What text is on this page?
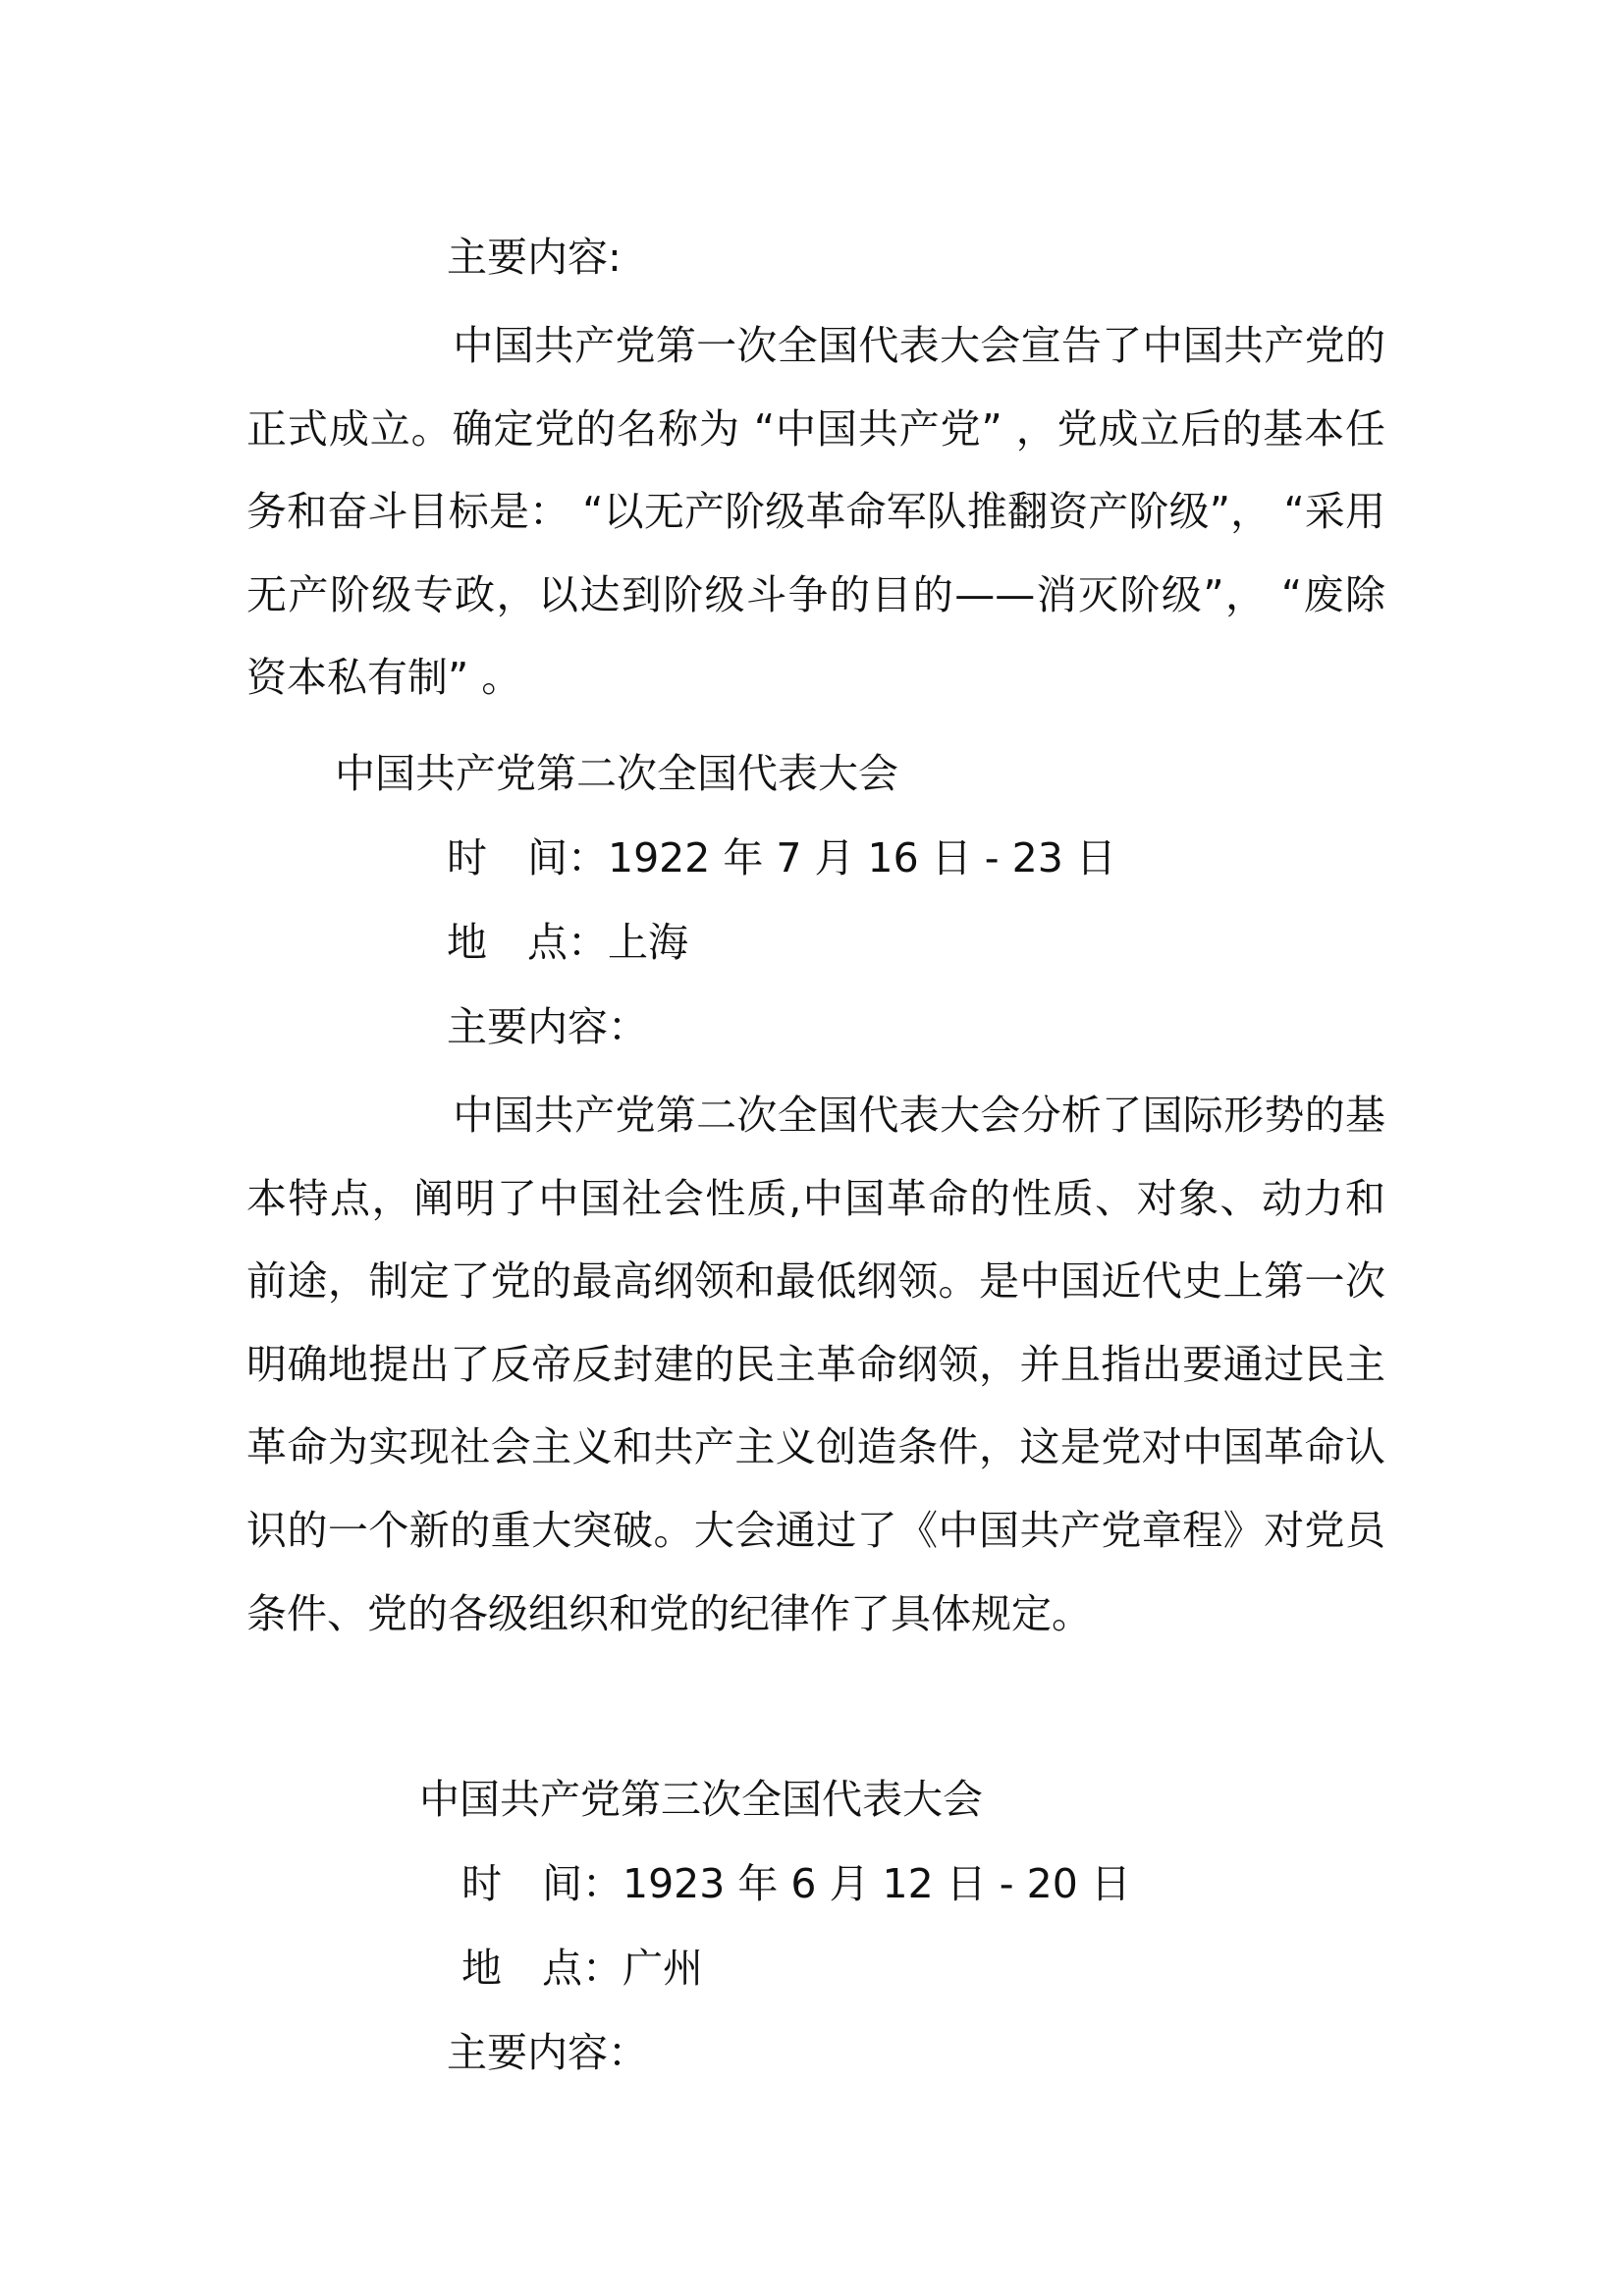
主要内容:
中国共产党第一次全国代表大会宣告了中国共产党的正式成立。确定党的名称为 “中国共产党” ，党成立后的基本任务和奋斗目标是： “以无产阶级革命军队推翻资产阶级”， “采用无产阶级专政，以达到阶级斗争的目的——消灭阶级”， “废除资本私有制” 。
中国共产党第二次全国代表大会
时　间：1922 年 7 月 16 日 - 23 日
地　点：上海
主要内容：
中国共产党第二次全国代表大会分析了国际形势的基本特点，阐明了中国社会性质,中国革命的性质、对象、动力和前途，制定了党的最高纲领和最低纲领。是中国近代史上第一次明确地提出了反帝反封建的民主革命纲领，并且指出要通过民主革命为实现社会主义和共产主义创造条件，这是党对中国革命认识的一个新的重大突破。大会通过了《中国共产党章程》对党员条件、党的各级组织和党的纪律作了具体规定。
中国共产党第三次全国代表大会
时　间：1923 年 6 月 12 日 - 20 日
地　点：广州
主要内容：
